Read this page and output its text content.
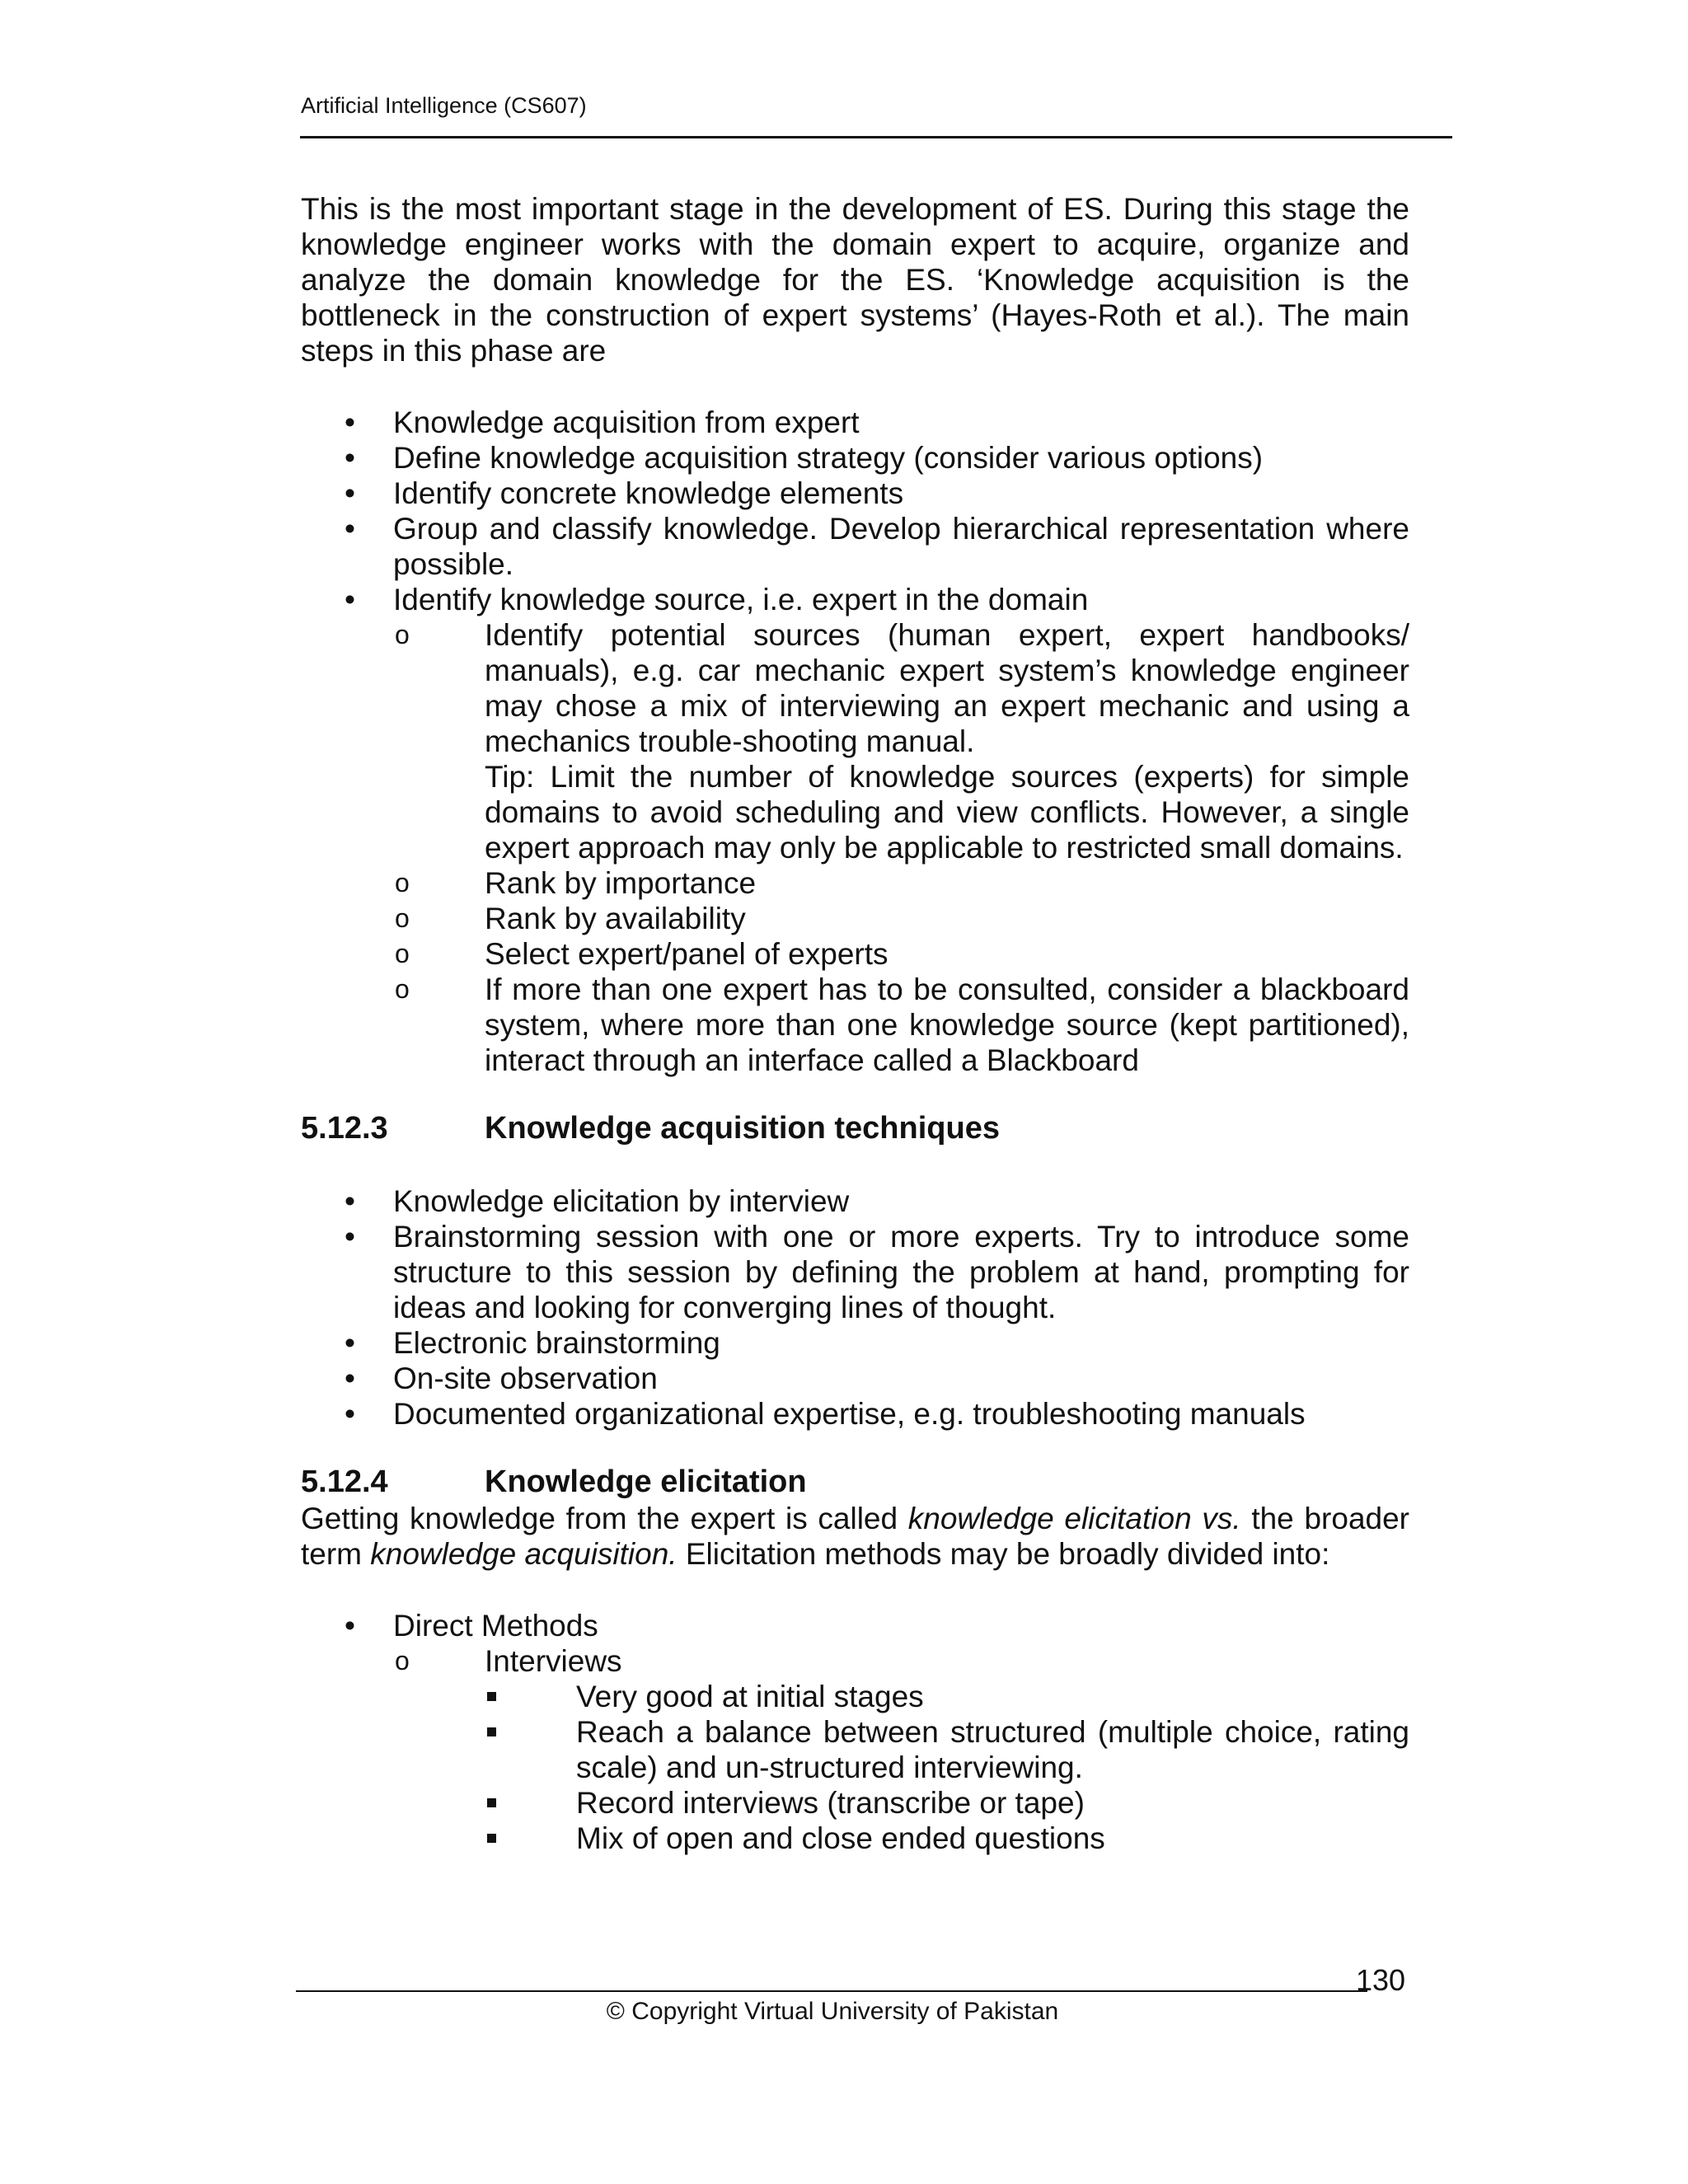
Artificial Intelligence (CS607)

This is the most important stage in the development of ES. During this stage the knowledge engineer works with the domain expert to acquire, organize and analyze the domain knowledge for the ES. ‘Knowledge acquisition is the bottleneck in the construction of expert systems’ (Hayes-Roth et al.). The main steps in this phase are

• Knowledge acquisition from expert
• Define knowledge acquisition strategy (consider various options)
• Identify concrete knowledge elements
• Group and classify knowledge. Develop hierarchical representation where possible.
• Identify knowledge source, i.e. expert in the domain
o Identify potential sources (human expert, expert handbooks/ manuals), e.g. car mechanic expert system’s knowledge engineer may chose a mix of interviewing an expert mechanic and using a mechanics trouble-shooting manual.
Tip: Limit the number of knowledge sources (experts) for simple domains to avoid scheduling and view conflicts. However, a single expert approach may only be applicable to restricted small domains.
o Rank by importance
o Rank by availability
o Select expert/panel of experts
o If more than one expert has to be consulted, consider a blackboard system, where more than one knowledge source (kept partitioned), interact through an interface called a Blackboard
5.12.3	Knowledge acquisition techniques
• Knowledge elicitation by interview
• Brainstorming session with one or more experts. Try to introduce some structure to this session by defining the problem at hand, prompting for ideas and looking for converging lines of thought.
• Electronic brainstorming
• On-site observation
• Documented organizational expertise, e.g. troubleshooting manuals
5.12.4	Knowledge elicitation

Getting knowledge from the expert is called knowledge elicitation vs. the broader term knowledge acquisition. Elicitation methods may be broadly divided into:

• Direct Methods
o Interviews
Very good at initial stages
Reach a balance between structured (multiple choice, rating scale) and un-structured interviewing.
Record interviews (transcribe or tape)
Mix of open and close ended questions
130
© Copyright Virtual University of Pakistan
